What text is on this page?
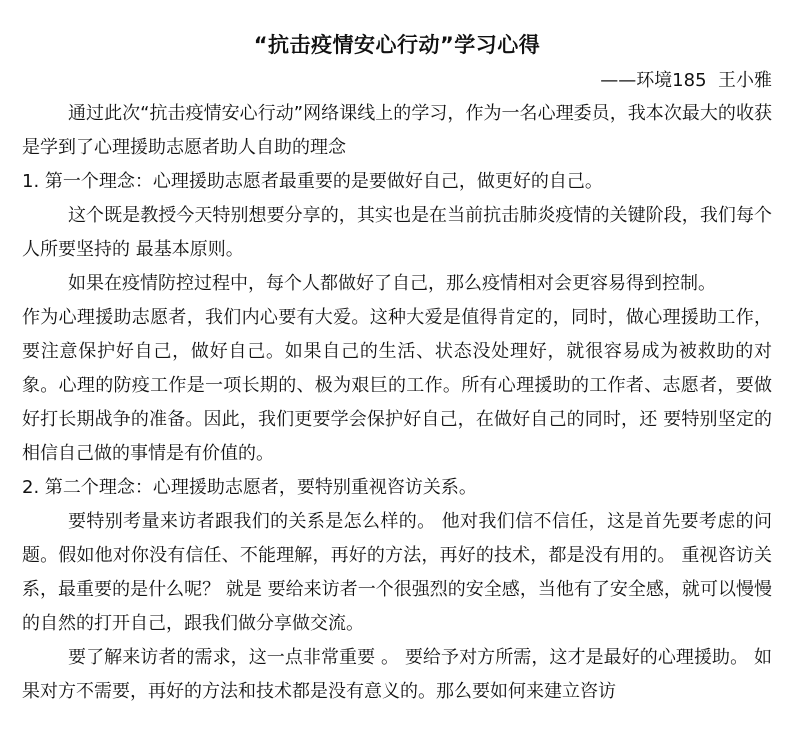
“抗击疫情安心行动”学习心得
——环境185  王小雅

通过此次“抗击疫情安心行动”网络课线上的学习，作为一名心理委员，我本次最大的收获是学到了心理援助志愿者助人自助的理念

1. 第一个理念：心理援助志愿者最重要的是要做好自己，做更好的自己。

这个既是教授今天特别想要分享的，其实也是在当前抗击肺炎疫情的关键阶段，我们每个人所要坚持的 最基本原则。

如果在疫情防控过程中，每个人都做好了自己，那么疫情相对会更容易得到控制。

作为心理援助志愿者，我们内心要有大爱。这种大爱是值得肯定的，同时，做心理援助工作，要注意保护好自己，做好自己。如果自己的生活、状态没处理好，就很容易成为被救助的对象。心理的防疫工作是一项长期的、极为艰巨的工作。所有心理援助的工作者、志愿者，要做好打长期战争的准备。因此，我们更要学会保护好自己，在做好自己的同时，还 要特别坚定的相信自己做的事情是有价值的。

2. 第二个理念：心理援助志愿者，要特别重视咨访关系。

要特别考量来访者跟我们的关系是怎么样的。 他对我们信不信任，这是首先要考虑的问题。假如他对你没有信任、不能理解，再好的方法，再好的技术，都是没有用的。 重视咨访关系，最重要的是什么呢？ 就是 要给来访者一个很强烈的安全感，当他有了安全感，就可以慢慢的自然的打开自己，跟我们做分享做交流。

要了解来访者的需求，这一点非常重要 。 要给予对方所需，这才是最好的心理援助。 如果对方不需要，再好的方法和技术都是没有意义的。那么要如何来建立咨访
